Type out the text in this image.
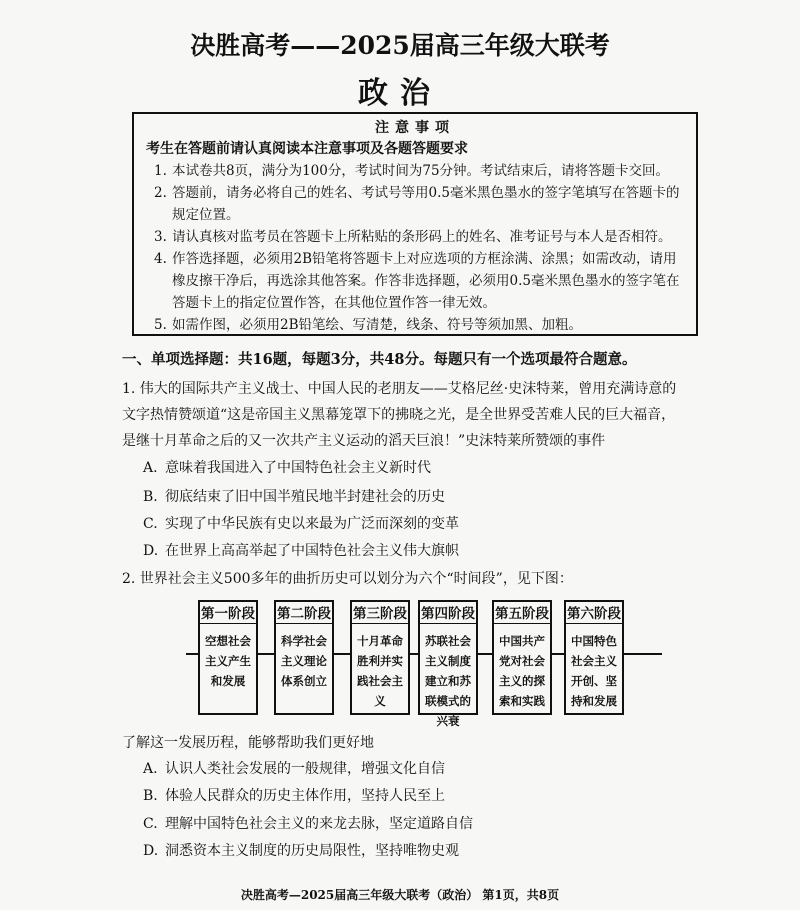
决胜高考——2025届高三年级大联考
政治
注意事项
考生在答题前请认真阅读本注意事项及各题答题要求
1. 本试卷共8页，满分为100分，考试时间为75分钟。考试结束后，请将答题卡交回。
2. 答题前，请务必将自己的姓名、考试号等用0.5毫米黑色墨水的签字笔填写在答题卡的规定位置。
3. 请认真核对监考员在答题卡上所粘贴的条形码上的姓名、准考证号与本人是否相符。
4. 作答选择题，必须用2B铅笔将答题卡上对应选项的方框涂满、涂黑；如需改动，请用橡皮擦干净后，再选涂其他答案。作答非选择题，必须用0.5毫米黑色墨水的签字笔在答题卡上的指定位置作答，在其他位置作答一律无效。
5. 如需作图，必须用2B铅笔绘、写清楚，线条、符号等须加黑、加粗。
一、单项选择题：共16题，每题3分，共48分。每题只有一个选项最符合题意。
1. 伟大的国际共产主义战士、中国人民的老朋友——艾格尼丝·史沫特莱，曾用充满诗意的文字热情赞颂道“这是帝国主义黑幕笼罩下的拂晓之光，是全世界受苦难人民的巨大福音，是继十月革命之后的又一次共产主义运动的滔天巨浪！”史沫特莱所赞颂的事件
A. 意味着我国进入了中国特色社会主义新时代
B. 彻底结束了旧中国半殖民地半封建社会的历史
C. 实现了中华民族有史以来最为广泛而深刻的变革
D. 在世界上高高举起了中国特色社会主义伟大旗帜
2. 世界社会主义500多年的曲折历史可以划分为六个“时间段”，见下图：
第一阶段
空想社会主义产生和发展
第二阶段
科学社会主义理论体系创立
第三阶段
十月革命胜利并实践社会主义
第四阶段
苏联社会主义制度建立和苏联模式的兴衰
第五阶段
中国共产党对社会主义的探索和实践
第六阶段
中国特色社会主义开创、坚持和发展
了解这一发展历程，能够帮助我们更好地
A. 认识人类社会发展的一般规律，增强文化自信
B. 体验人民群众的历史主体作用，坚持人民至上
C. 理解中国特色社会主义的来龙去脉，坚定道路自信
D. 洞悉资本主义制度的历史局限性，坚持唯物史观
决胜高考—2025届高三年级大联考（政治） 第1页，共8页
